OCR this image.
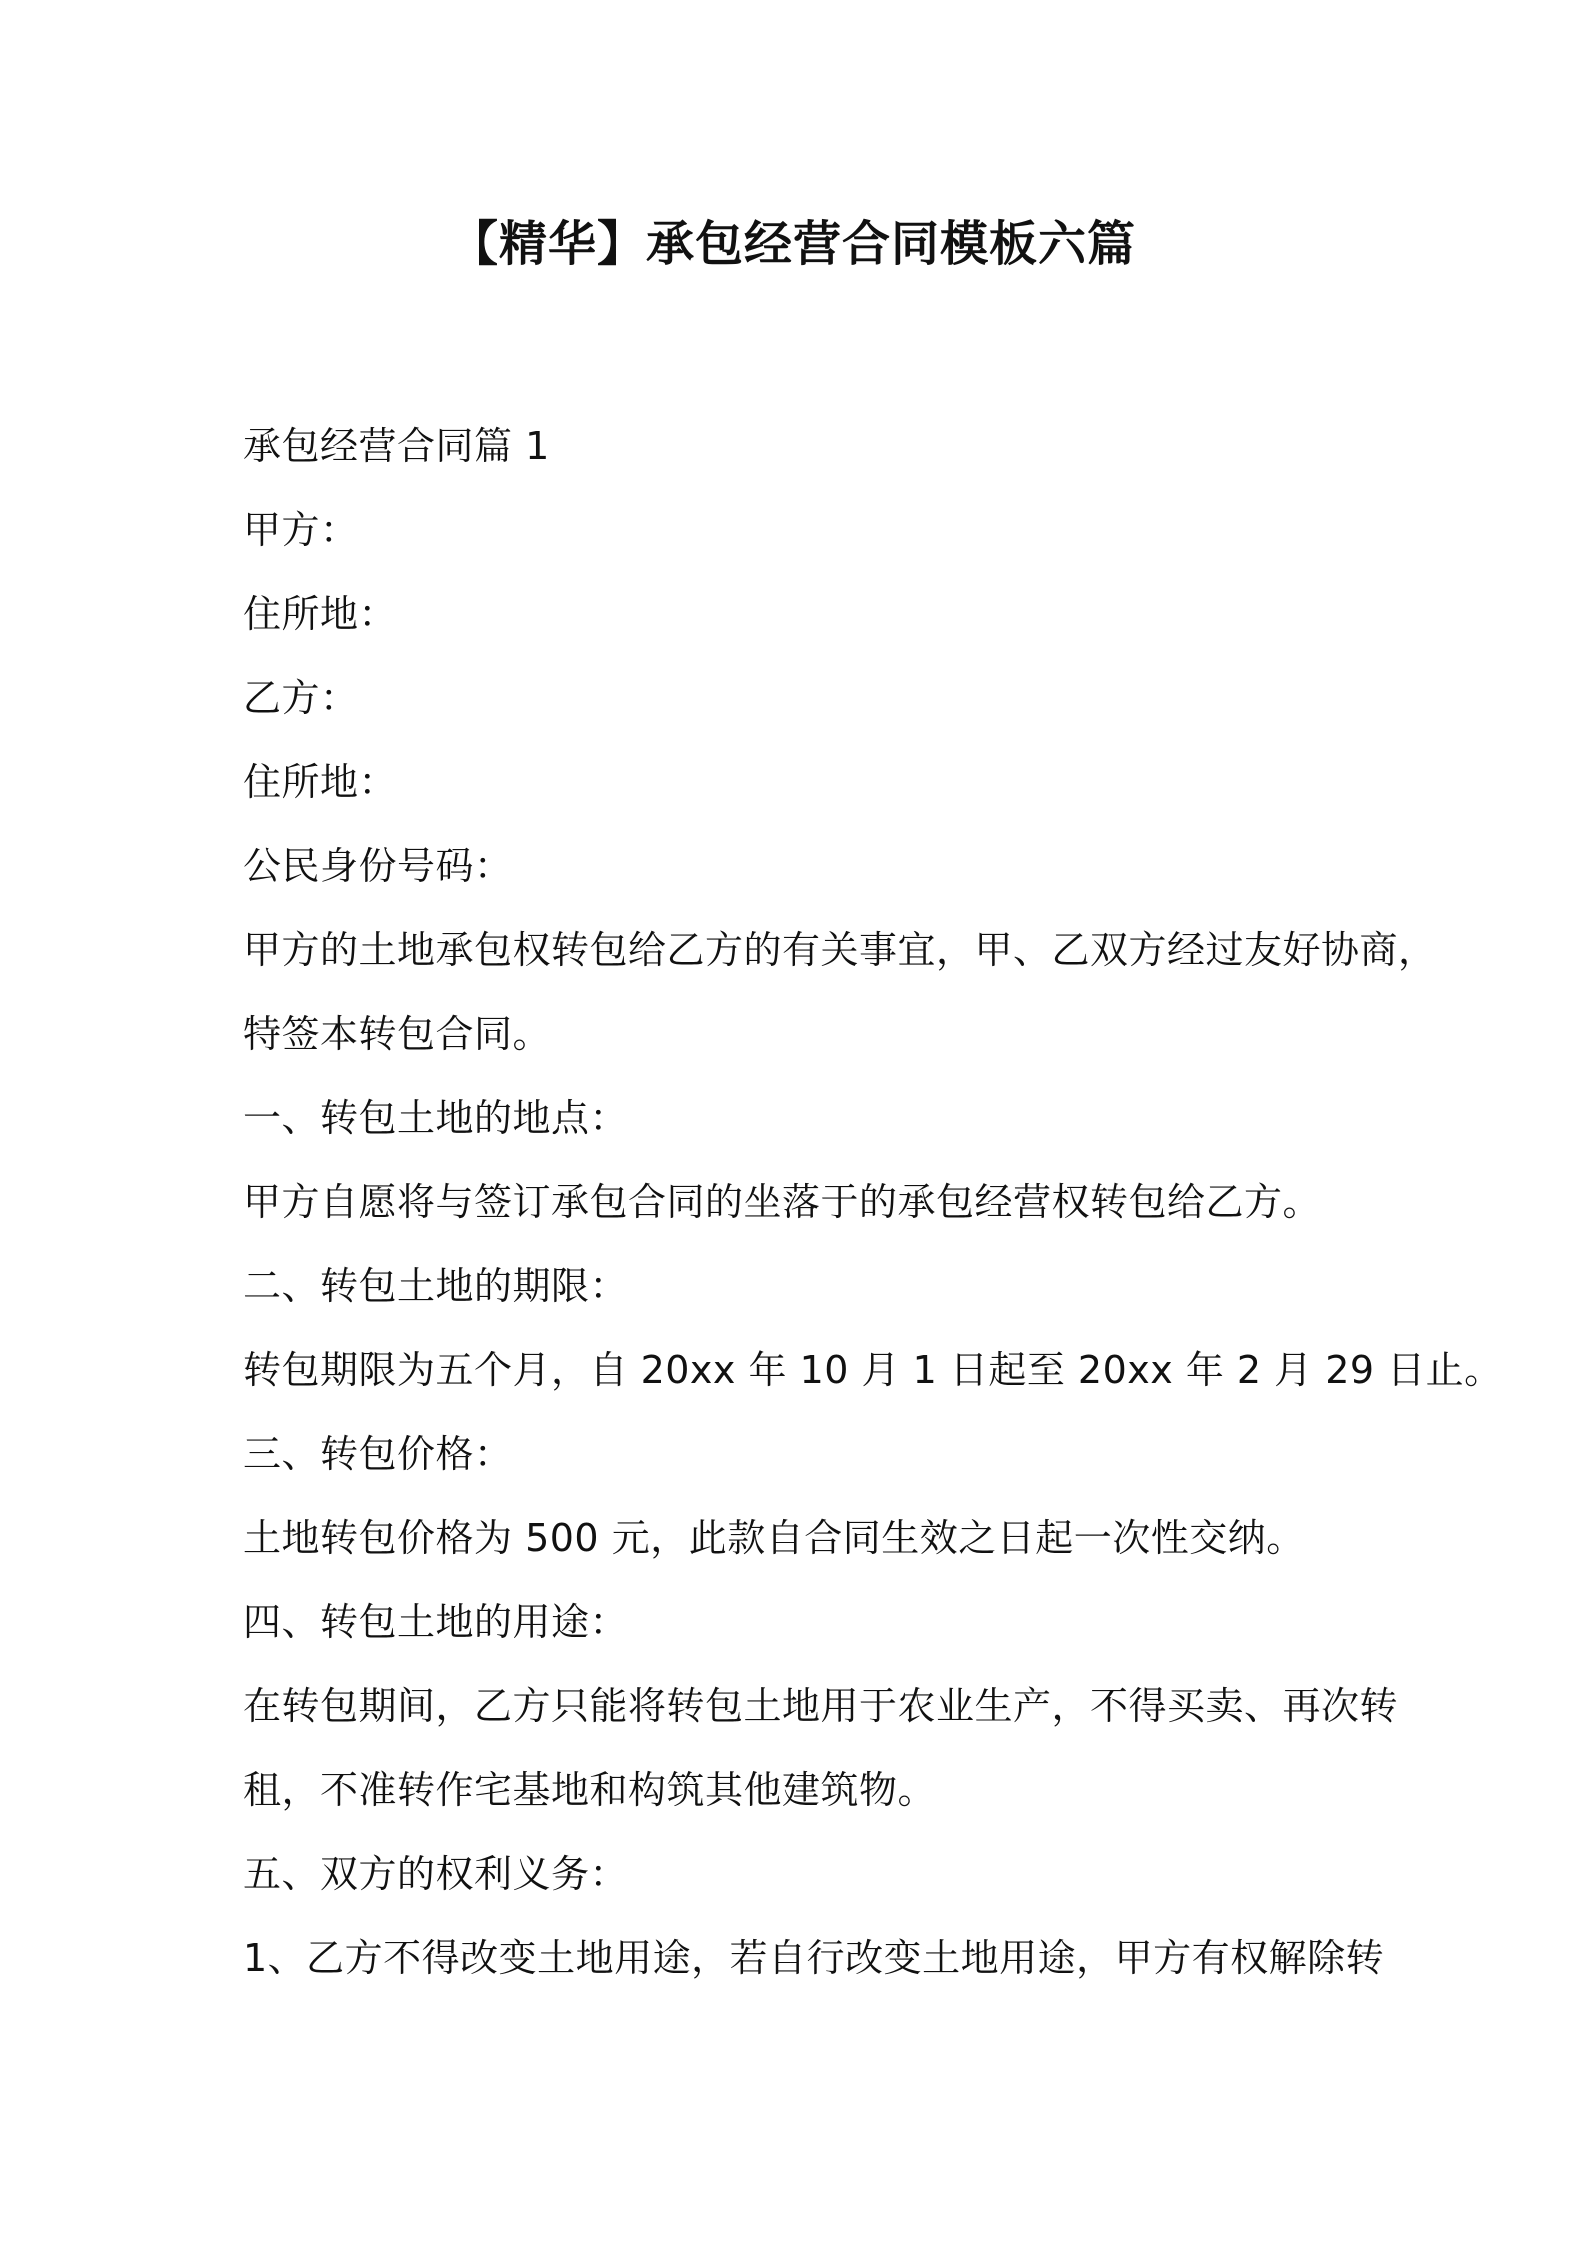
【精华】承包经营合同模板六篇
承包经营合同篇 1
甲方：
住所地：
乙方：
住所地：
公民身份号码：
甲方的土地承包权转包给乙方的有关事宜，甲、乙双方经过友好协商，
特签本转包合同。
一、转包土地的地点：
甲方自愿将与签订承包合同的坐落于的承包经营权转包给乙方。
二、转包土地的期限：
转包期限为五个月，自 20xx 年 10 月 1 日起至 20xx 年 2 月 29 日止。
三、转包价格：
土地转包价格为 500 元，此款自合同生效之日起一次性交纳。
四、转包土地的用途：
在转包期间，乙方只能将转包土地用于农业生产，不得买卖、再次转
租，不准转作宅基地和构筑其他建筑物。
五、双方的权利义务：
1、乙方不得改变土地用途，若自行改变土地用途，甲方有权解除转
